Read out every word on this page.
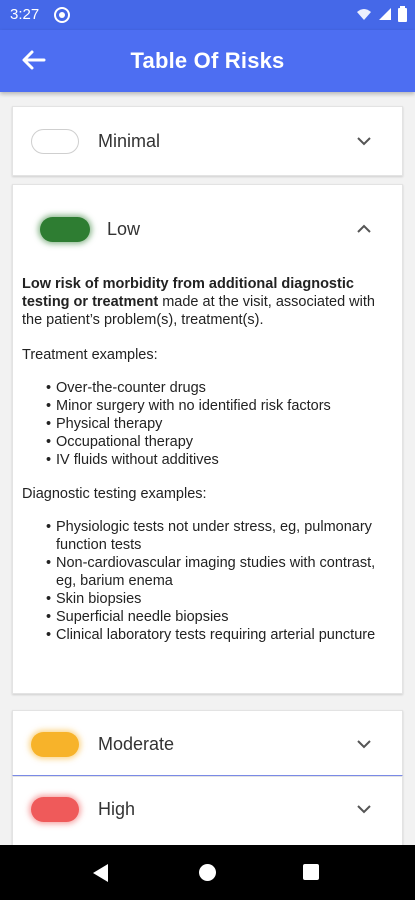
3:27
Table Of Risks
Minimal
Low

Low risk of morbidity from additional diagnostic testing or treatment made at the visit, associated with the patient’s problem(s), treatment(s).

Treatment examples:

• Over-the-counter drugs
• Minor surgery with no identified risk factors
• Physical therapy
• Occupational therapy
• IV fluids without additives

Diagnostic testing examples:

• Physiologic tests not under stress, eg, pulmonary function tests
• Non-cardiovascular imaging studies with contrast, eg, barium enema
• Skin biopsies
• Superficial needle biopsies
• Clinical laboratory tests requiring arterial puncture
Moderate
High
